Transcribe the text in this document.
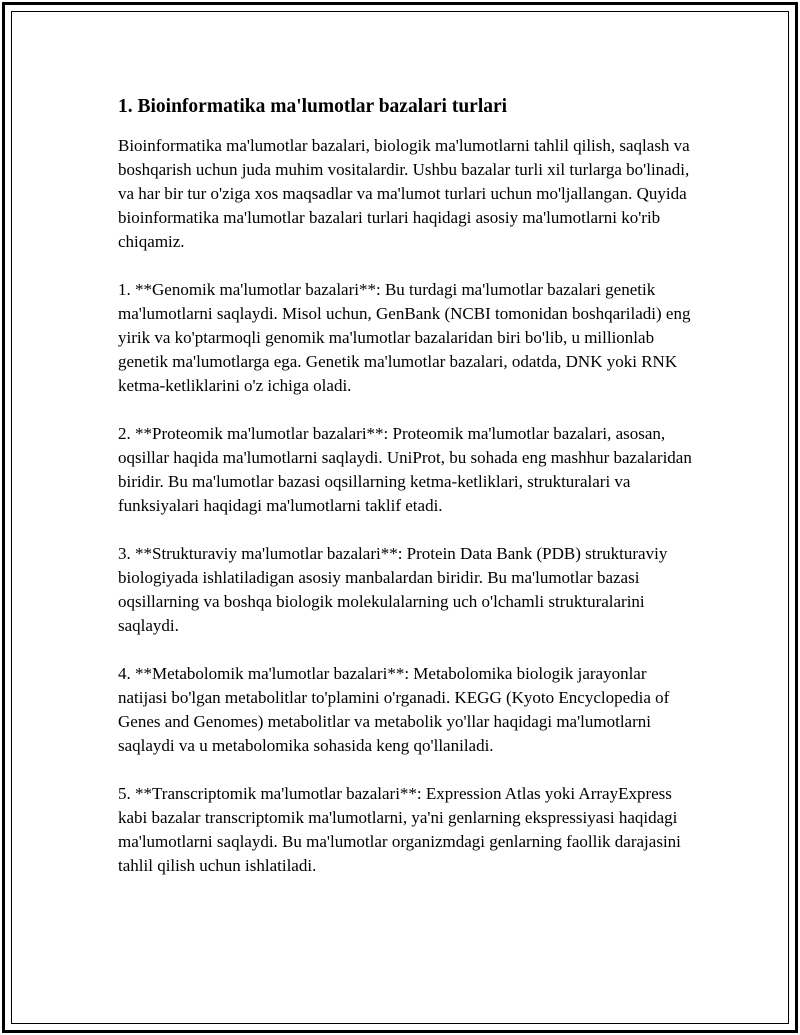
1. Bioinformatika ma'lumotlar bazalari turlari

Bioinformatika ma'lumotlar bazalari, biologik ma'lumotlarni tahlil qilish, saqlash va boshqarish uchun juda muhim vositalardir. Ushbu bazalar turli xil turlarga bo'linadi, va har bir tur o'ziga xos maqsadlar va ma'lumot turlari uchun mo'ljallangan. Quyida bioinformatika ma'lumotlar bazalari turlari haqidagi asosiy ma'lumotlarni ko'rib chiqamiz.

1. **Genomik ma'lumotlar bazalari**: Bu turdagi ma'lumotlar bazalari genetik ma'lumotlarni saqlaydi. Misol uchun, GenBank (NCBI tomonidan boshqariladi) eng yirik va ko'ptarmoqli genomik ma'lumotlar bazalaridan biri bo'lib, u millionlab genetik ma'lumotlarga ega. Genetik ma'lumotlar bazalari, odatda, DNK yoki RNK ketma-ketliklarini o'z ichiga oladi.

2. **Proteomik ma'lumotlar bazalari**: Proteomik ma'lumotlar bazalari, asosan, oqsillar haqida ma'lumotlarni saqlaydi. UniProt, bu sohada eng mashhur bazalaridan biridir. Bu ma'lumotlar bazasi oqsillarning ketma-ketliklari, strukturalari va funksiyalari haqidagi ma'lumotlarni taklif etadi.

3. **Strukturaviy ma'lumotlar bazalari**: Protein Data Bank (PDB) strukturaviy biologiyada ishlatiladigan asosiy manbalardan biridir. Bu ma'lumotlar bazasi oqsillarning va boshqa biologik molekulalarning uch o'lchamli strukturalarini saqlaydi.

4. **Metabolomik ma'lumotlar bazalari**: Metabolomika biologik jarayonlar natijasi bo'lgan metabolitlar to'plamini o'rganadi. KEGG (Kyoto Encyclopedia of Genes and Genomes) metabolitlar va metabolik yo'llar haqidagi ma'lumotlarni saqlaydi va u metabolomika sohasida keng qo'llaniladi.

5. **Transcriptomik ma'lumotlar bazalari**: Expression Atlas yoki ArrayExpress kabi bazalar transcriptomik ma'lumotlarni, ya'ni genlarning ekspressiyasi haqidagi ma'lumotlarni saqlaydi. Bu ma'lumotlar organizmdagi genlarning faollik darajasini tahlil qilish uchun ishlatiladi.
